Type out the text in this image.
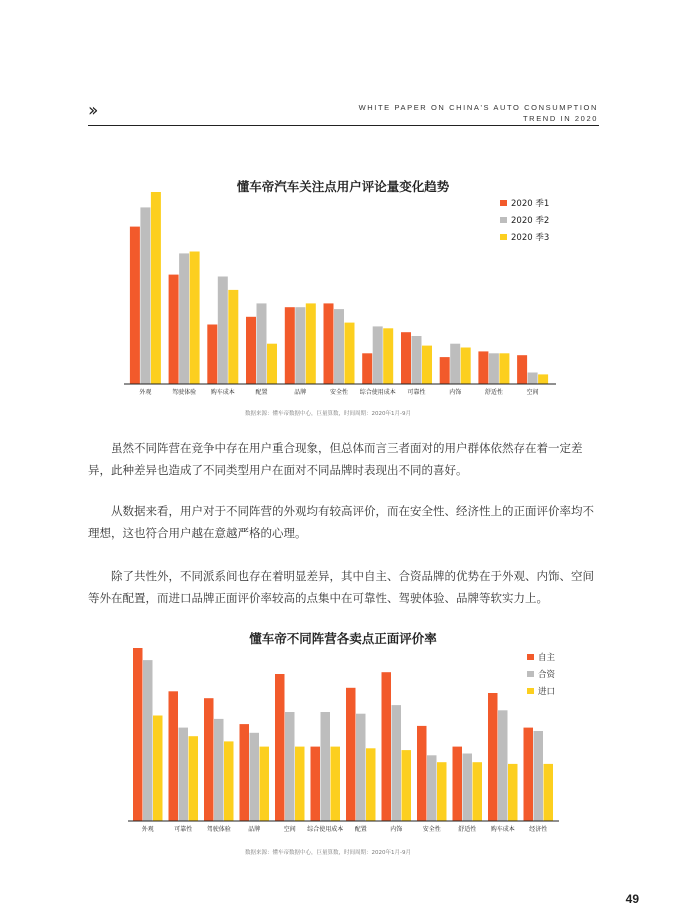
››	WHITE PAPER ON CHINA'S AUTO CONSUMPTION
TREND IN 2020
懂车帝汽车关注点用户评论量变化趋势
外观	驾驶体验 购车成本	配置	品牌	安全性 综合使用成本 可靠性	内饰	舒适性	空间
2020 季1
2020 季2
2020 季3
懂车帝不同阵营各卖点正面评价率
外观	可靠性 驾驶体验	品牌	空间 综合使用成本 配置	内饰	安全性	舒适性 购车成本 经济性
自主
合资
进口
数据来源：懂车帝数据中心，巨量算数，时间周期：2020年1月-9月

虽然不同阵营在竞争中存在用户重合现象，但总体而言三者面对的用户群体依然存在着一定差异，此种差异也造成了不同类型用户在面对不同品牌时表现出不同的喜好。

从数据来看，用户对于不同阵营的外观均有较高评价，而在安全性、经济性上的正面评价率均不理想，这也符合用户越在意越严格的心理。

除了共性外，不同派系间也存在着明显差异，其中自主、合资品牌的优势在于外观、内饰、空间等外在配置，而进口品牌正面评价率较高的点集中在可靠性、驾驶体验、品牌等软实力上。

数据来源：懂车帝数据中心，巨量算数，时间周期：2020年1月-9月
49
